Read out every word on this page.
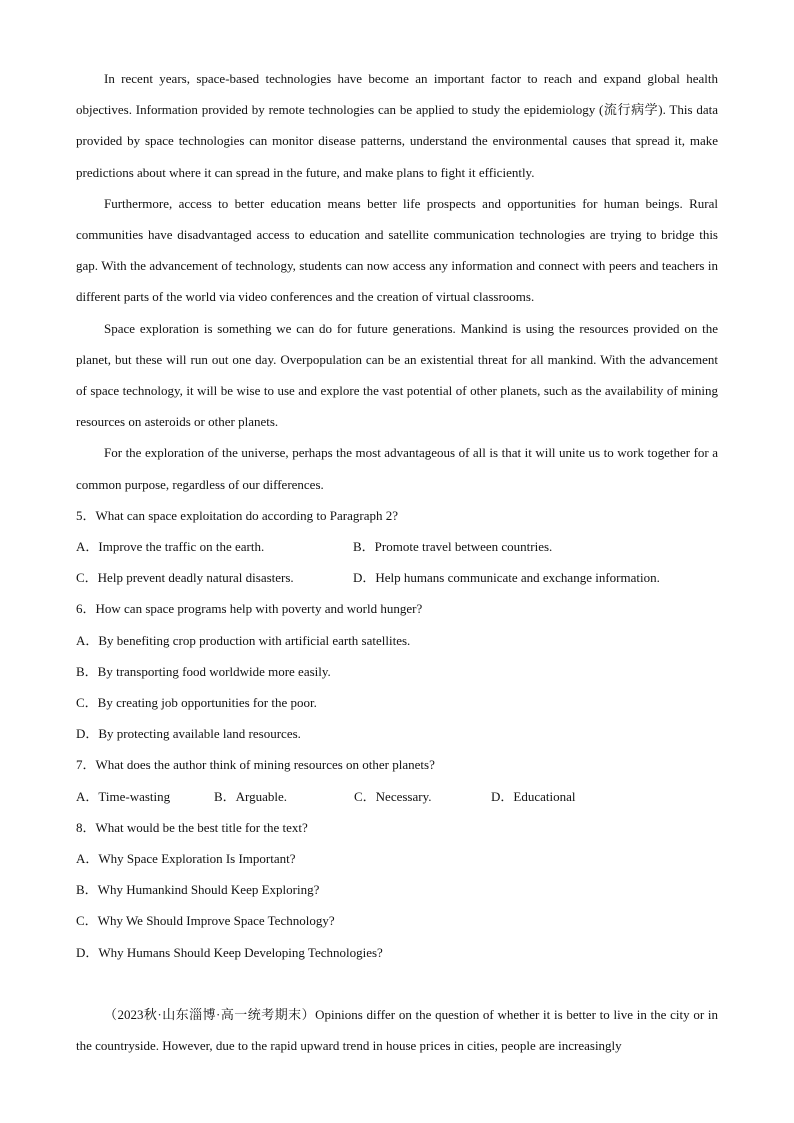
In recent years, space-based technologies have become an important factor to reach and expand global health objectives. Information provided by remote technologies can be applied to study the epidemiology (流行病学). This data provided by space technologies can monitor disease patterns, understand the environmental causes that spread it, make predictions about where it can spread in the future, and make plans to fight it efficiently.

Furthermore, access to better education means better life prospects and opportunities for human beings. Rural communities have disadvantaged access to education and satellite communication technologies are trying to bridge this gap. With the advancement of technology, students can now access any information and connect with peers and teachers in different parts of the world via video conferences and the creation of virtual classrooms.

Space exploration is something we can do for future generations. Mankind is using the resources provided on the planet, but these will run out one day. Overpopulation can be an existential threat for all mankind. With the advancement of space technology, it will be wise to use and explore the vast potential of other planets, such as the availability of mining resources on asteroids or other planets.

For the exploration of the universe, perhaps the most advantageous of all is that it will unite us to work together for a common purpose, regardless of our differences.

5．What can space exploitation do according to Paragraph 2?

A．Improve the traffic on the earth.	B．Promote travel between countries.
C．Help prevent deadly natural disasters.	D．Help humans communicate and exchange information.

6．How can space programs help with poverty and world hunger?

A．By benefiting crop production with artificial earth satellites.

B．By transporting food worldwide more easily.

C．By creating job opportunities for the poor.

D．By protecting available land resources.

7．What does the author think of mining resources on other planets?

A．Time-wasting	B．Arguable.	C．Necessary.	D．Educational

8．What would be the best title for the text?

A．Why Space Exploration Is Important?

B．Why Humankind Should Keep Exploring?

C．Why We Should Improve Space Technology?

D．Why Humans Should Keep Developing Technologies?

（2023秋·山东淄博·高一统考期末）Opinions differ on the question of whether it is better to live in the city or in the countryside. However, due to the rapid upward trend in house prices in cities, people are increasingly
